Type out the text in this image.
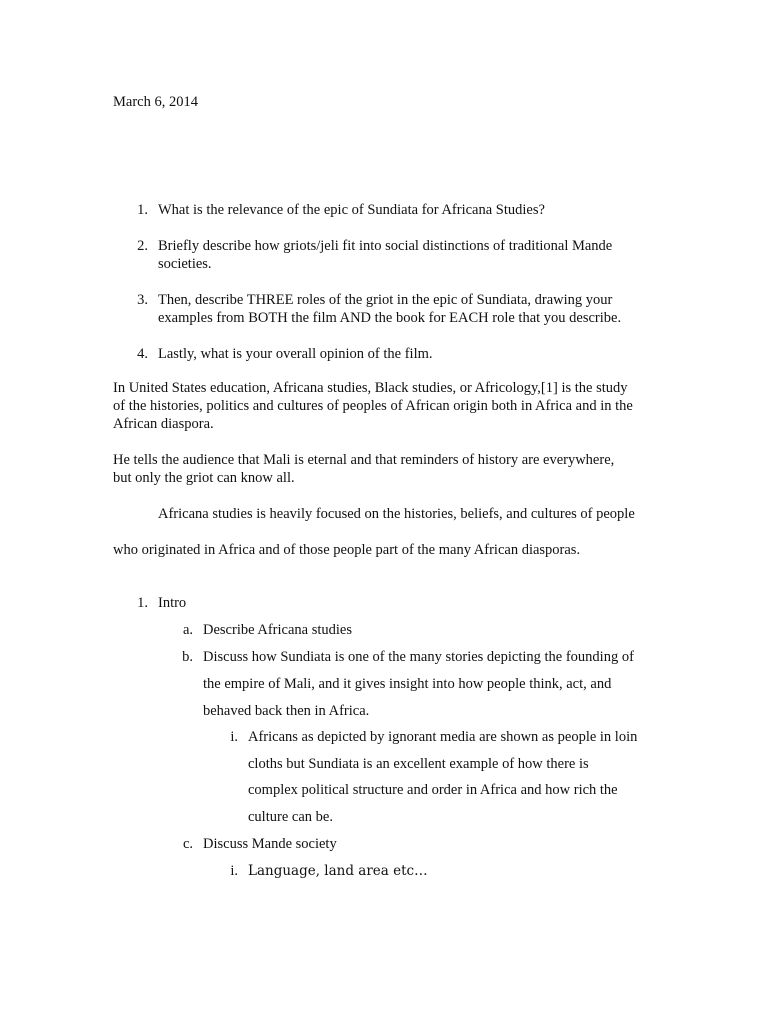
March 6, 2014
1. What is the relevance of the epic of Sundiata for Africana Studies?
2. Briefly describe how griots/jeli fit into social distinctions of traditional Mande
societies.
3. Then, describe THREE roles of the griot in the epic of Sundiata, drawing your
examples from BOTH the film AND the book for EACH role that you describe.
4. Lastly, what is your overall opinion of the film.
In United States education, Africana studies, Black studies, or Africology,[1] is the study
of the histories, politics and cultures of peoples of African origin both in Africa and in the
African diaspora.
He tells the audience that Mali is eternal and that reminders of history are everywhere,
but only the griot can know all.
Africana studies is heavily focused on the histories, beliefs, and cultures of people
who originated in Africa and of those people part of the many African diasporas.
1. Intro
a. Describe Africana studies
b. Discuss how Sundiata is one of the many stories depicting the founding of
the empire of Mali, and it gives insight into how people think, act, and
behaved back then in Africa.
i. Africans as depicted by ignorant media are shown as people in loin
cloths but Sundiata is an excellent example of how there is
complex political structure and order in Africa and how rich the
culture can be.
c. Discuss Mande society
i. Language, land area etc…
